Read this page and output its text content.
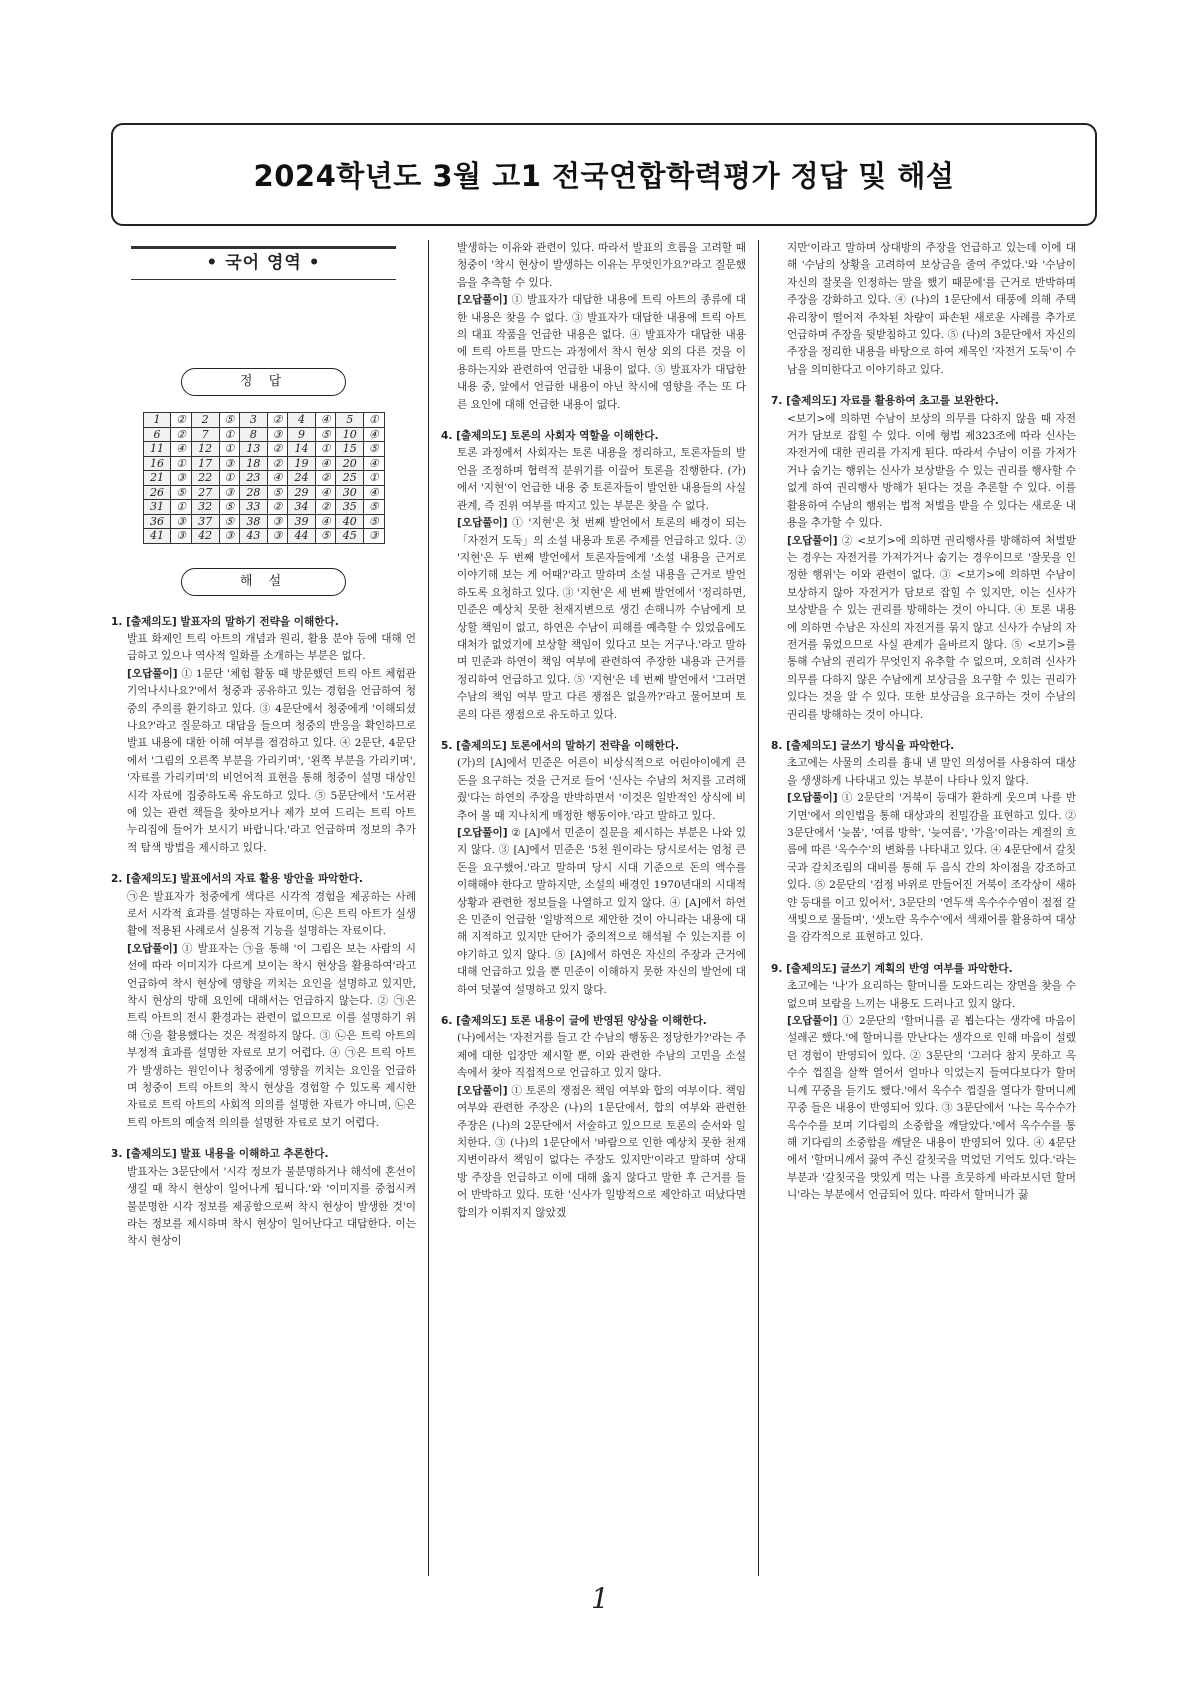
2024학년도 3월 고1 전국연합학력평가 정답 및 해설
• 국어 영역 •
정 답
1	②	2	⑤	3	②	4	④	5	①
6	②	7	①	8	③	9	⑤	10	④
11	④	12	①	13	②	14	①	15	⑤
16	①	17	③	18	②	19	④	20	④
21	③	22	①	23	④	24	②	25	①
26	⑤	27	③	28	⑤	29	④	30	④
31	①	32	⑤	33	②	34	②	35	⑤
36	③	37	⑤	38	③	39	④	40	⑤
41	③	42	③	43	③	44	⑤	45	③
해 설
1. [출제의도] 발표자의 말하기 전략을 이해한다.
발표 화제인 트릭 아트의 개념과 원리, 활용 분야 등에 대해 언급하고 있으나 역사적 일화를 소개하는 부분은 없다.
[오답풀이] ① 1문단 '체험 활동 때 방문했던 트릭 아트 체험관 기억나시나요?'에서 청중과 공유하고 있는 경험을 언급하여 청중의 주의를 환기하고 있다. ③ 4문단에서 청중에게 '이해되셨나요?'라고 질문하고 대답을 들으며 청중의 반응을 확인하므로 발표 내용에 대한 이해 여부를 점검하고 있다. ④ 2문단, 4문단에서 '그림의 오른쪽 부분을 가리키며', '왼쪽 부분을 가리키며', '자료를 가리키며'의 비언어적 표현을 통해 청중이 설명 대상인 시각 자료에 집중하도록 유도하고 있다. ⑤ 5문단에서 '도서관에 있는 관련 책들을 찾아보거나 제가 보여 드리는 트릭 아트 누리집에 들어가 보시기 바랍니다.'라고 언급하며 정보의 추가적 탐색 방법을 제시하고 있다.
2. [출제의도] 발표에서의 자료 활용 방안을 파악한다.
㉠은 발표자가 청중에게 색다른 시각적 경험을 제공하는 사례로서 시각적 효과를 설명하는 자료이며, ㉡은 트릭 아트가 실생활에 적용된 사례로서 실용적 기능을 설명하는 자료이다.
[오답풀이] ① 발표자는 ㉠을 통해 '이 그림은 보는 사람의 시선에 따라 이미지가 다르게 보이는 착시 현상을 활용하여'라고 언급하여 착시 현상에 영향을 끼치는 요인을 설명하고 있지만, 착시 현상의 방해 요인에 대해서는 언급하지 않는다. ② ㉠은 트릭 아트의 전시 환경과는 관련이 없으므로 이를 설명하기 위해 ㉠을 활용했다는 것은 적절하지 않다. ③ ㉡은 트릭 아트의 부정적 효과를 설명한 자료로 보기 어렵다. ④ ㉠은 트릭 아트가 발생하는 원인이나 청중에게 영향을 끼치는 요인을 언급하며 청중이 트릭 아트의 착시 현상을 경험할 수 있도록 제시한 자료로 트릭 아트의 사회적 의의를 설명한 자료가 아니며, ㉡은 트릭 아트의 예술적 의의를 설명한 자료로 보기 어렵다.
3. [출제의도] 발표 내용을 이해하고 추론한다.
발표자는 3문단에서 '시각 정보가 불분명하거나 해석에 혼선이 생길 때 착시 현상이 일어나게 됩니다.'와 '이미지를 중첩시켜 불분명한 시각 정보를 제공함으로써 착시 현상이 발생한 것'이라는 정보를 제시하며 착시 현상이 일어난다고 대답한다. 이는 착시 현상이
발생하는 이유와 관련이 있다. 따라서 발표의 흐름을 고려할 때 청중이 '착시 현상이 발생하는 이유는 무엇인가요?'라고 질문했음을 추측할 수 있다.
[오답풀이] ① 발표자가 대답한 내용에 트릭 아트의 종류에 대한 내용은 찾을 수 없다. ③ 발표자가 대답한 내용에 트릭 아트의 대표 작품을 언급한 내용은 없다. ④ 발표자가 대답한 내용에 트릭 아트를 만드는 과정에서 착시 현상 외의 다른 것을 이용하는지와 관련하여 언급한 내용이 없다. ⑤ 발표자가 대답한 내용 중, 앞에서 언급한 내용이 아닌 착시에 영향을 주는 또 다른 요인에 대해 언급한 내용이 없다.
4. [출제의도] 토론의 사회자 역할을 이해한다.
토론 과정에서 사회자는 토론 내용을 정리하고, 토론자들의 발언을 조정하며 협력적 분위기를 이끌어 토론을 진행한다. (가)에서 '지현'이 언급한 내용 중 토론자들이 발언한 내용들의 사실 관계, 즉 진위 여부를 따지고 있는 부분은 찾을 수 없다.
[오답풀이] ① '지현'은 첫 번째 발언에서 토론의 배경이 되는 「자전거 도둑」의 소설 내용과 토론 주제를 언급하고 있다. ② '지현'은 두 번째 발언에서 토론자들에게 '소설 내용을 근거로 이야기해 보는 게 어때?'라고 말하며 소설 내용을 근거로 발언하도록 요청하고 있다. ③ '지현'은 세 번째 발언에서 '정리하면, 민준은 예상치 못한 천재지변으로 생긴 손해니까 수남에게 보상할 책임이 없고, 하연은 수남이 피해를 예측할 수 있었음에도 대처가 없었기에 보상할 책임이 있다고 보는 거구나.'라고 말하며 민준과 하연이 책임 여부에 관련하여 주장한 내용과 근거를 정리하여 언급하고 있다. ⑤ '지현'은 네 번째 발언에서 '그러면 수남의 책임 여부 말고 다른 쟁점은 없을까?'라고 물어보며 토론의 다른 쟁점으로 유도하고 있다.
5. [출제의도] 토론에서의 말하기 전략을 이해한다.
(가)의 [A]에서 민준은 어른이 비상식적으로 어린아이에게 큰돈을 요구하는 것을 근거로 들어 '신사는 수남의 처지를 고려해 줬'다는 하연의 주장을 반박하면서 '이것은 일반적인 상식에 비추어 볼 때 지나치게 매정한 행동이야.'라고 말하고 있다.
[오답풀이] ② [A]에서 민준이 질문을 제시하는 부분은 나와 있지 않다. ③ [A]에서 민준은 '5천 원이라는 당시로서는 엄청 큰돈을 요구했어.'라고 말하며 당시 시대 기준으로 돈의 액수를 이해해야 한다고 말하지만, 소설의 배경인 1970년대의 시대적 상황과 관련한 정보들을 나열하고 있지 않다. ④ [A]에서 하연은 민준이 언급한 '일방적으로 제안한 것이 아니라는 내용에 대해 지적하고 있지만 단어가 중의적으로 해석될 수 있는지를 이야기하고 있지 않다. ⑤ [A]에서 하연은 자신의 주장과 근거에 대해 언급하고 있을 뿐 민준이 이해하지 못한 자신의 발언에 대하여 덧붙여 설명하고 있지 않다.
6. [출제의도] 토론 내용이 글에 반영된 양상을 이해한다.
(나)에서는 '자전거를 들고 간 수남의 행동은 정당한가?'라는 주제에 대한 입장만 제시할 뿐, 이와 관련한 수남의 고민을 소설 속에서 찾아 직접적으로 언급하고 있지 않다.
[오답풀이] ① 토론의 쟁점은 책임 여부와 합의 여부이다. 책임 여부와 관련한 주장은 (나)의 1문단에서, 합의 여부와 관련한 주장은 (나)의 2문단에서 서술하고 있으므로 토론의 순서와 일치한다. ③ (나)의 1문단에서 '바람으로 인한 예상치 못한 천재지변이라서 책임이 없다는 주장도 있지만'이라고 말하며 상대방 주장을 언급하고 이에 대해 옳지 않다고 말한 후 근거를 들어 반박하고 있다. 또한 '신사가 일방적으로 제안하고 떠났다면 합의가 이뤄지지 않았겠
지만'이라고 말하며 상대방의 주장을 언급하고 있는데 이에 대해 '수남의 상황을 고려하여 보상금을 줄여 주었다.'와 '수남이 자신의 잘못을 인정하는 말을 했기 때문에'를 근거로 반박하며 주장을 강화하고 있다. ④ (나)의 1문단에서 태풍에 의해 주택 유리창이 떨어져 주차된 차량이 파손된 새로운 사례를 추가로 언급하며 주장을 뒷받침하고 있다. ⑤ (나)의 3문단에서 자신의 주장을 정리한 내용을 바탕으로 하여 제목인 '자전거 도둑'이 수남을 의미한다고 이야기하고 있다.
7. [출제의도] 자료를 활용하여 초고를 보완한다.
<보기>에 의하면 수남이 보상의 의무를 다하지 않을 때 자전거가 담보로 잡힐 수 있다. 이에 형법 제323조에 따라 신사는 자전거에 대한 권리를 가지게 된다. 따라서 수남이 이를 가져가거나 숨기는 행위는 신사가 보상받을 수 있는 권리를 행사할 수 없게 하여 권리행사 방해가 된다는 것을 추론할 수 있다. 이를 활용하여 수남의 행위는 법적 처벌을 받을 수 있다는 새로운 내용을 추가할 수 있다.
[오답풀이] ② <보기>에 의하면 권리행사를 방해하여 처벌받는 경우는 자전거를 가져가거나 숨기는 경우이므로 '잘못을 인정한 행위'는 이와 관련이 없다. ③ <보기>에 의하면 수남이 보상하지 않아 자전거가 담보로 잡힐 수 있지만, 이는 신사가 보상받을 수 있는 권리를 방해하는 것이 아니다. ④ 토론 내용에 의하면 수남은 자신의 자전거를 묶지 않고 신사가 수남의 자전거를 묶었으므로 사실 관계가 올바르지 않다. ⑤ <보기>를 통해 수남의 권리가 무엇인지 유추할 수 없으며, 오히려 신사가 의무를 다하지 않은 수남에게 보상금을 요구할 수 있는 권리가 있다는 것을 알 수 있다. 또한 보상금을 요구하는 것이 수남의 권리를 방해하는 것이 아니다.
8. [출제의도] 글쓰기 방식을 파악한다.
초고에는 사물의 소리를 흉내 낸 말인 의성어를 사용하여 대상을 생생하게 나타내고 있는 부분이 나타나 있지 않다.
[오답풀이] ① 2문단의 '거북이 등대가 환하게 웃으며 나를 반기면'에서 의인법을 통해 대상과의 친밀감을 표현하고 있다. ② 3문단에서 '늦봄', '여름 방학', '늦여름', '가을'이라는 계절의 흐름에 따른 '옥수수'의 변화를 나타내고 있다. ④ 4문단에서 갈칫국과 갈치조림의 대비를 통해 두 음식 간의 차이점을 강조하고 있다. ⑤ 2문단의 '검정 바위로 만들어진 거북이 조각상이 새하얀 등대를 이고 있어서', 3문단의 '연두색 옥수수수염이 점점 갈색빛으로 물들며', '샛노란 옥수수'에서 색채어를 활용하여 대상을 감각적으로 표현하고 있다.
9. [출제의도] 글쓰기 계획의 반영 여부를 파악한다.
초고에는 '나'가 요리하는 할머니를 도와드리는 장면을 찾을 수 없으며 보람을 느끼는 내용도 드러나고 있지 않다.
[오답풀이] ① 2문단의 '할머니를 곧 뵙는다는 생각에 마음이 설레곤 했다.'에 할머니를 만난다는 생각으로 인해 마음이 설렜던 경험이 반영되어 있다. ② 3문단의 '그러다 참지 못하고 옥수수 껍질을 살짝 열어서 얼마나 익었는지 들여다보다가 할머니께 꾸중을 듣기도 했다.'에서 옥수수 껍질을 열다가 할머니께 꾸중 들은 내용이 반영되어 있다. ③ 3문단에서 '나는 옥수수가 옥수수를 보며 기다림의 소중함을 깨달았다.'에서 옥수수를 통해 기다림의 소중함을 깨달은 내용이 반영되어 있다. ④ 4문단에서 '할머니께서 끓여 주신 갈칫국을 먹었던 기억도 있다.'라는 부분과 '갈칫국을 맛있게 먹는 나를 흐뭇하게 바라보시던 할머니'라는 부분에서 언급되어 있다. 따라서 할머니가 끓
1
